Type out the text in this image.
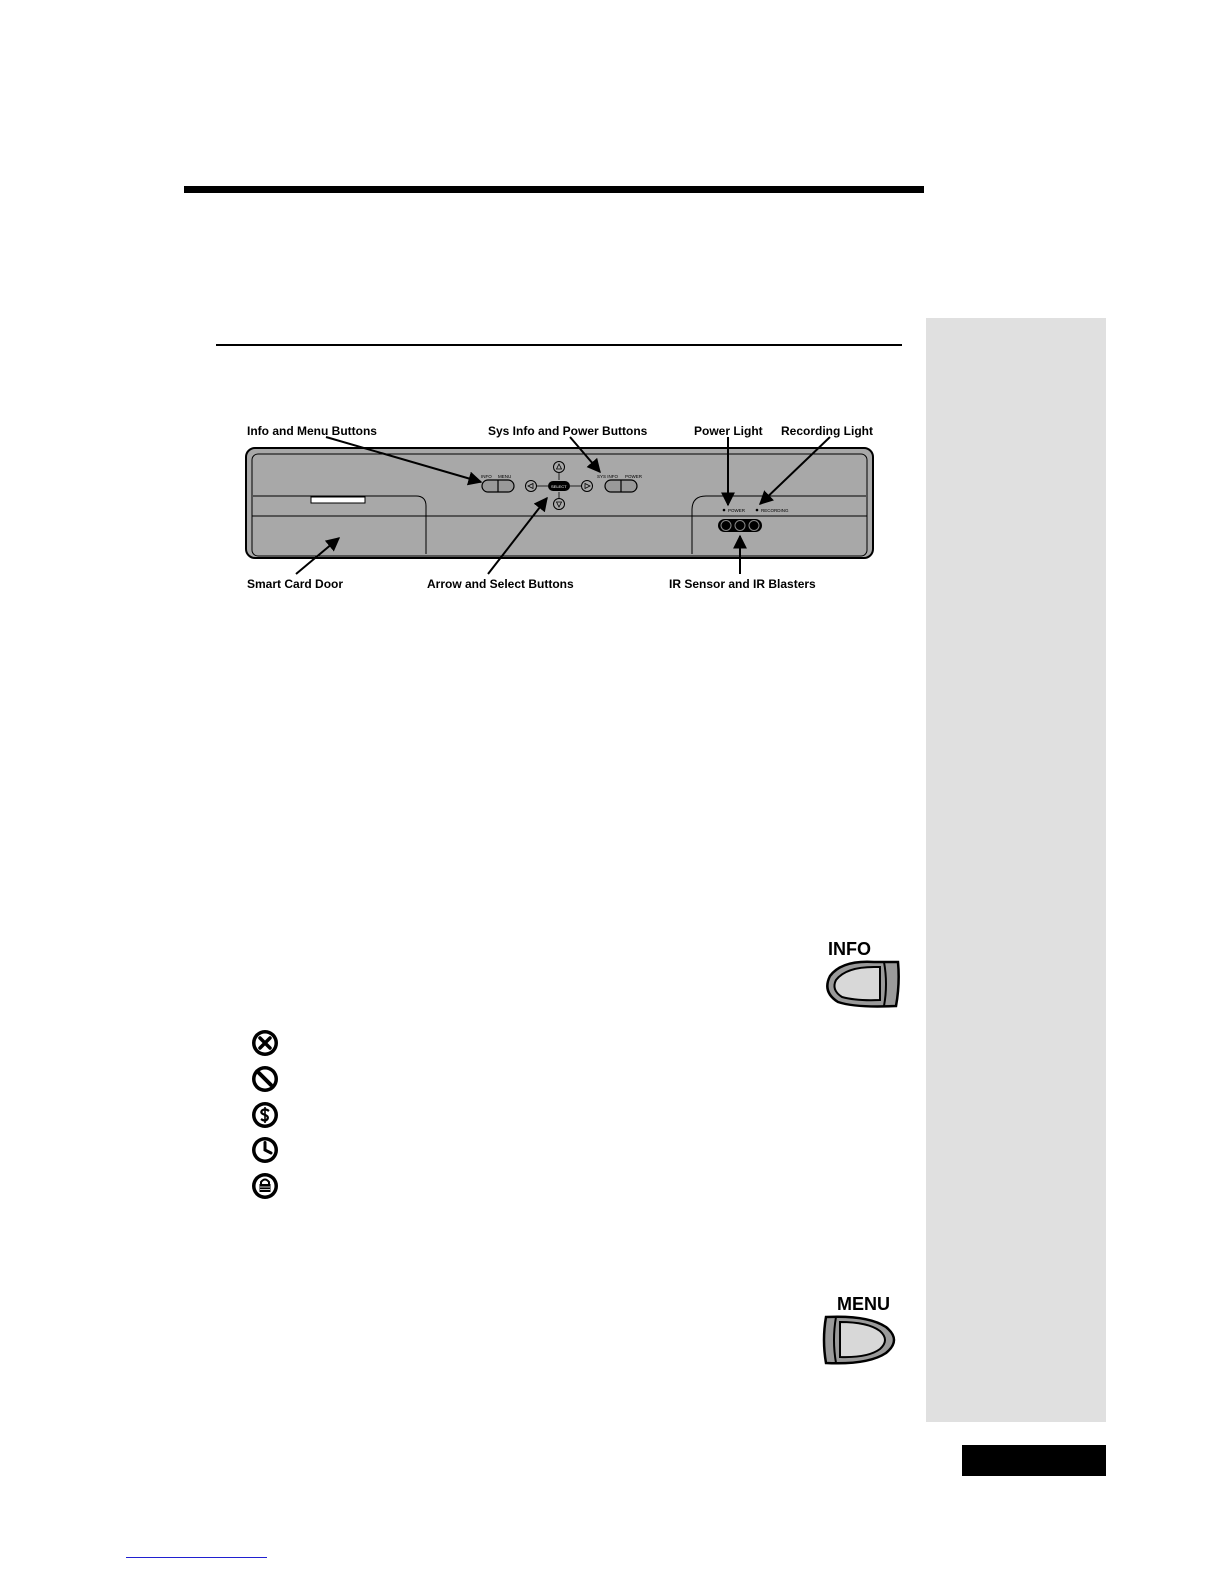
Info and Menu Buttons	Sys Info and Power Buttons	Power Light Recording Light
Smart Card Door	Arrow and Select Buttons	IR Sensor and IR Blasters
INFO MENU
SELECT
SYS INFO POWER
POWER	RECORDING
INFO
MENU
